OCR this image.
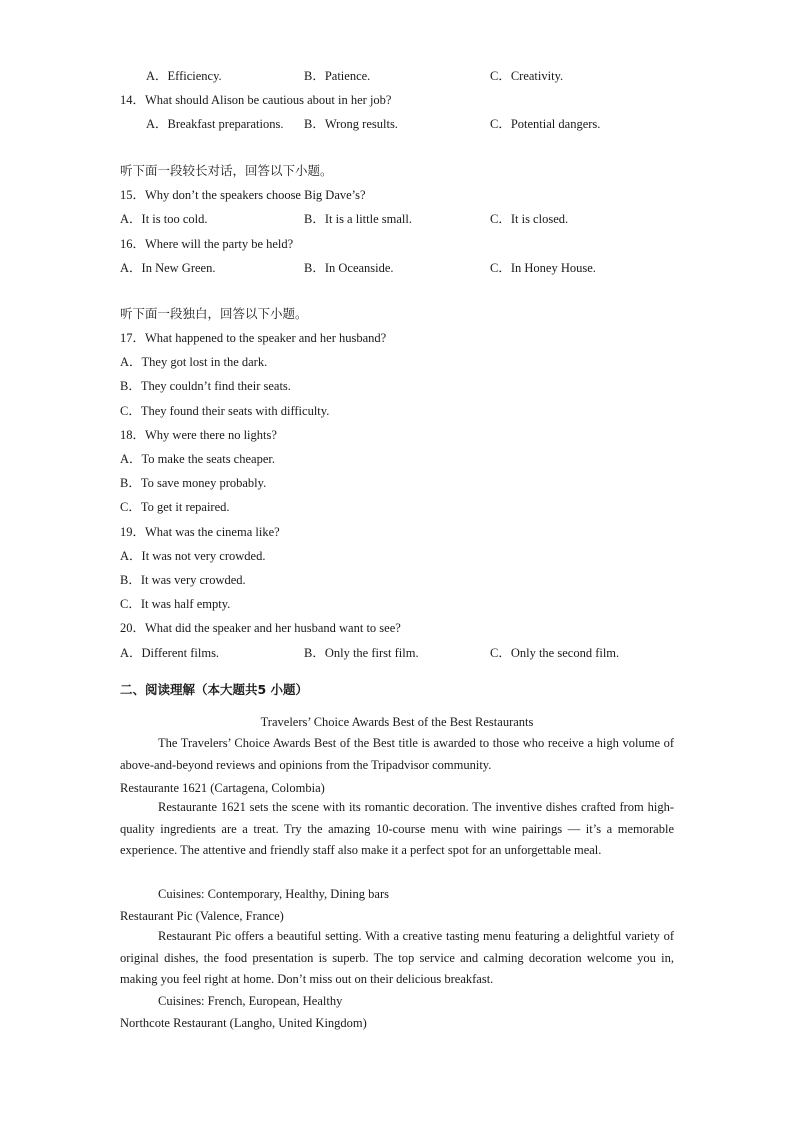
A．Efficiency.	B．Patience.	C．Creativity.
14．What should Alison be cautious about in her job?
A．Breakfast preparations. B．Wrong results.	C．Potential dangers.
听下面一段较长对话，回答以下小题。
15．Why don’t the speakers choose Big Dave’s?
A．It is too cold.	B．It is a little small.	C．It is closed.
16．Where will the party be held?
A．In New Green.	B．In Oceanside.	C．In Honey House.
听下面一段独白，回答以下小题。
17．What happened to the speaker and her husband?
A．They got lost in the dark.
B．They couldn’t find their seats.
C．They found their seats with difficulty.
18．Why were there no lights?
A．To make the seats cheaper.
B．To save money probably.
C．To get it repaired.
19．What was the cinema like?
A．It was not very crowded.
B．It was very crowded.
C．It was half empty.
20．What did the speaker and her husband want to see?
A．Different films.	B．Only the first film.	C．Only the second film.
二、阅读理解（本大题共5 小题）
Travelers’ Choice Awards Best of the Best Restaurants
The Travelers’ Choice Awards Best of the Best title is awarded to those who receive a high volume of above-and-beyond reviews and opinions from the Tripadvisor community.
Restaurante 1621 (Cartagena, Colombia)
Restaurante 1621 sets the scene with its romantic decoration. The inventive dishes crafted from high-quality ingredients are a treat. Try the amazing 10-course menu with wine pairings — it’s a memorable experience. The attentive and friendly staff also make it a perfect spot for an unforgettable meal.
Cuisines: Contemporary, Healthy, Dining bars
Restaurant Pic (Valence, France)
Restaurant Pic offers a beautiful setting. With a creative tasting menu featuring a delightful variety of original dishes, the food presentation is superb. The top service and calming decoration welcome you in, making you feel right at home. Don’t miss out on their delicious breakfast.
Cuisines: French, European, Healthy
Northcote Restaurant (Langho, United Kingdom)
